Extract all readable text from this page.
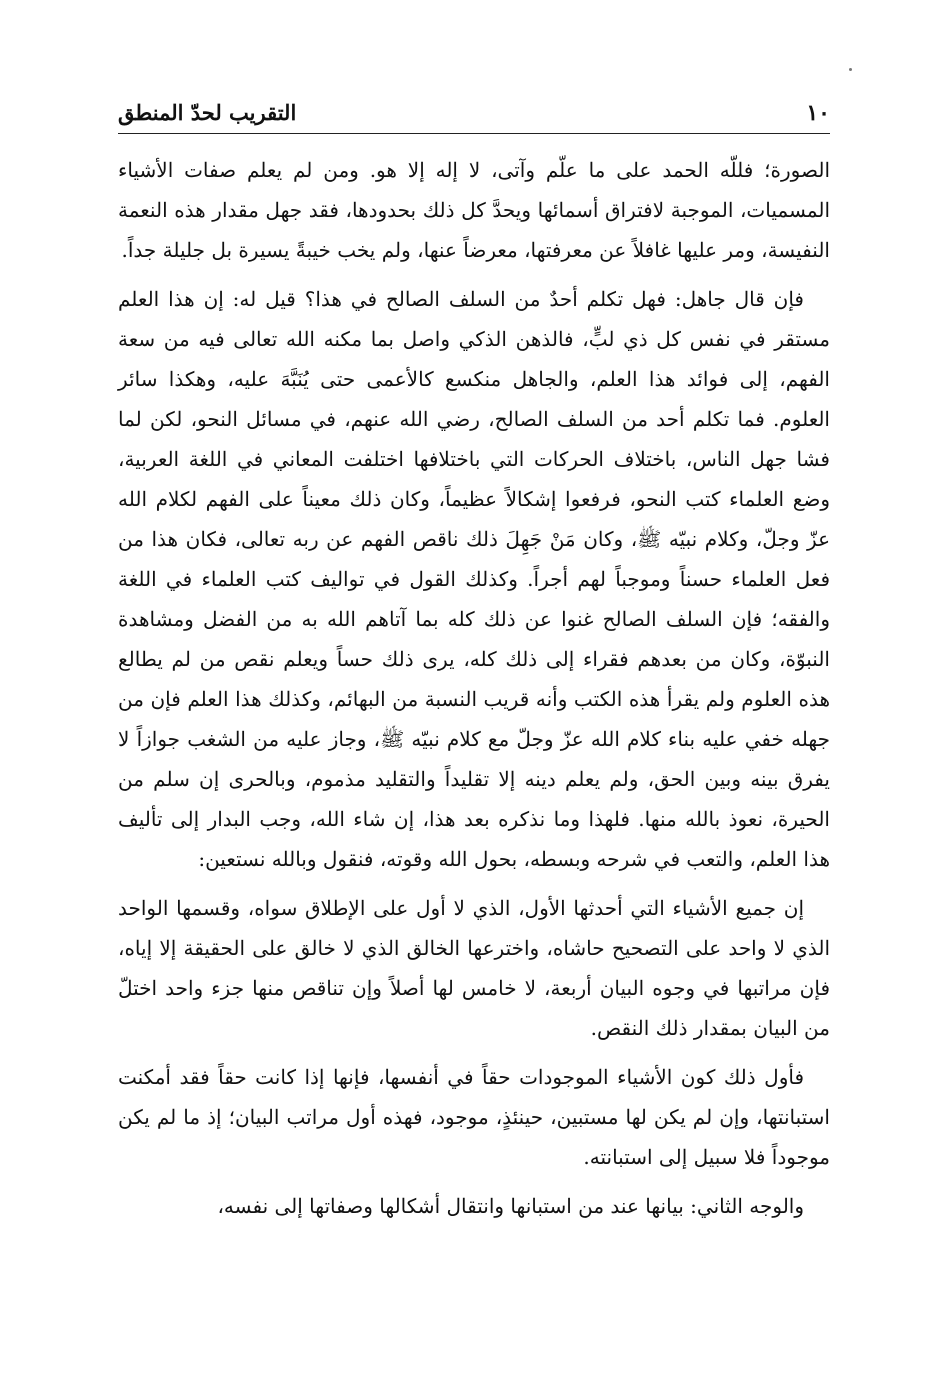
١٠
التقريب لحدّ المنطق

الصورة؛ فللّه الحمد على ما علّم وآتى، لا إله إلا هو. ومن لم يعلم صفات الأشياء المسميات، الموجبة لافتراق أسمائها ويحدَّ كل ذلك بحدودها، فقد جهل مقدار هذه النعمة النفيسة، ومر عليها غافلاً عن معرفتها، معرضاً عنها، ولم يخب خيبةً يسيرة بل جليلة جداً.

فإن قال جاهل: فهل تكلم أحدٌ من السلف الصالح في هذا؟ قيل له: إن هذا العلم مستقر في نفس كل ذي لبٍّ، فالذهن الذكي واصل بما مكنه الله تعالى فيه من سعة الفهم، إلى فوائد هذا العلم، والجاهل منكسع كالأعمى حتى يُنَبَّهَ عليه، وهكذا سائر العلوم. فما تكلم أحد من السلف الصالح، رضي الله عنهم، في مسائل النحو، لكن لما فشا جهل الناس، باختلاف الحركات التي باختلافها اختلفت المعاني في اللغة العربية، وضع العلماء كتب النحو، فرفعوا إشكالاً عظيماً، وكان ذلك معيناً على الفهم لكلام الله عزّ وجلّ، وكلام نبيّه ﷺ، وكان مَنْ جَهِلَ ذلك ناقص الفهم عن ربه تعالى، فكان هذا من فعل العلماء حسناً وموجباً لهم أجراً. وكذلك القول في تواليف كتب العلماء في اللغة والفقه؛ فإن السلف الصالح غنوا عن ذلك كله بما آتاهم الله به من الفضل ومشاهدة النبوّة، وكان من بعدهم فقراء إلى ذلك كله، يرى ذلك حساً ويعلم نقص من لم يطالع هذه العلوم ولم يقرأ هذه الكتب وأنه قريب النسبة من البهائم، وكذلك هذا العلم فإن من جهله خفي عليه بناء كلام الله عزّ وجلّ مع كلام نبيّه ﷺ، وجاز عليه من الشغب جوازاً لا يفرق بينه وبين الحق، ولم يعلم دينه إلا تقليداً والتقليد مذموم، وبالحرى إن سلم من الحيرة، نعوذ بالله منها. فلهذا وما نذكره بعد هذا، إن شاء الله، وجب البدار إلى تأليف هذا العلم، والتعب في شرحه وبسطه، بحول الله وقوته، فنقول وبالله نستعين:

إن جميع الأشياء التي أحدثها الأول، الذي لا أول على الإطلاق سواه، وقسمها الواحد الذي لا واحد على التصحيح حاشاه، واخترعها الخالق الذي لا خالق على الحقيقة إلا إياه، فإن مراتبها في وجوه البيان أربعة، لا خامس لها أصلاً وإن تناقص منها جزء واحد اختلّ من البيان بمقدار ذلك النقص.

فأول ذلك كون الأشياء الموجودات حقاً في أنفسها، فإنها إذا كانت حقاً فقد أمكنت استبانتها، وإن لم يكن لها مستبين، حينئذٍ، موجود، فهذه أول مراتب البيان؛ إذ ما لم يكن موجوداً فلا سبيل إلى استبانته.

والوجه الثاني: بيانها عند من استبانها وانتقال أشكالها وصفاتها إلى نفسه،
